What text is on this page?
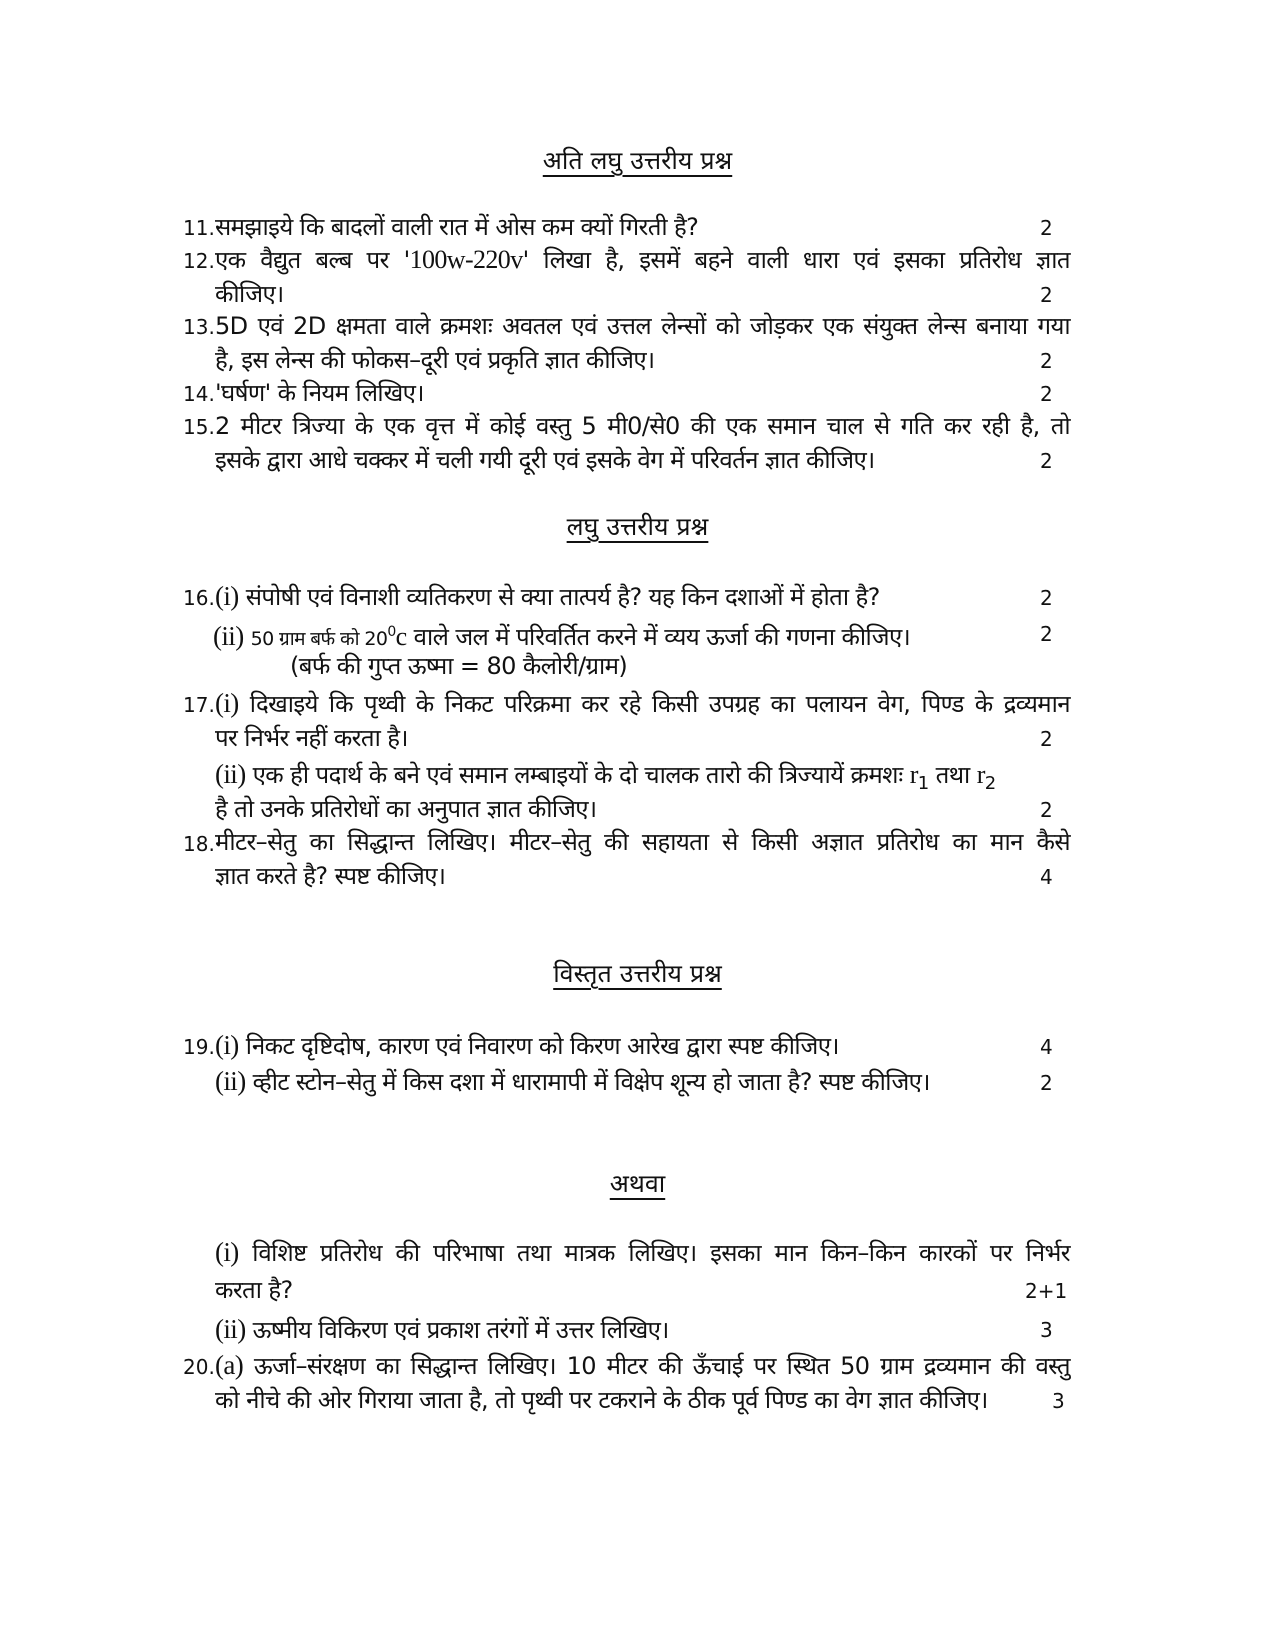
अति लघु उत्तरीय प्रश्न
11. समझाइये कि बादलों वाली रात में ओस कम क्यों गिरती है?	2
12. एक वैद्युत बल्ब पर '100w-220v' लिखा है, इसमें बहने वाली धारा एवं इसका प्रतिरोध ज्ञात
कीजिए।	2
13. 5D एवं 2D क्षमता वाले क्रमशः अवतल एवं उत्तल लेन्सों को जोड़कर एक संयुक्त लेन्स बनाया गया
है, इस लेन्स की फोकस–दूरी एवं प्रकृति ज्ञात कीजिए।	2
14. 'घर्षण' के नियम लिखिए।	2
15. 2 मीटर त्रिज्या के एक वृत्त में कोई वस्तु 5 मी0/से0 की एक समान चाल से गति कर रही है, तो
इसके द्वारा आधे चक्कर में चली गयी दूरी एवं इसके वेग में परिवर्तन ज्ञात कीजिए।	2
लघु उत्तरीय प्रश्न
16. (i) संपोषी एवं विनाशी व्यतिकरण से क्या तात्पर्य है? यह किन दशाओं में होता है?	2
(ii) 50 ग्राम बर्फ को $20^0c$ वाले जल में परिवर्तित करने में व्यय ऊर्जा की गणना कीजिए।	2
(बर्फ की गुप्त ऊष्मा = 80 कैलोरी/ग्राम)
17. (i) दिखाइये कि पृथ्वी के निकट परिक्रमा कर रहे किसी उपग्रह का पलायन वेग, पिण्ड के द्रव्यमान
पर निर्भर नहीं करता है।	2
(ii) एक ही पदार्थ के बने एवं समान लम्बाइयों के दो चालक तारो की त्रिज्यायें क्रमशः $r_1$ तथा $r_2$
है तो उनके प्रतिरोधों का अनुपात ज्ञात कीजिए।	2
18. मीटर–सेतु का सिद्धान्त लिखिए। मीटर–सेतु की सहायता से किसी अज्ञात प्रतिरोध का मान कैसे
ज्ञात करते है? स्पष्ट कीजिए।	4
विस्तृत उत्तरीय प्रश्न
19. (i) निकट दृष्टिदोष, कारण एवं निवारण को किरण आरेख द्वारा स्पष्ट कीजिए।	4
(ii) व्हीट स्टोन–सेतु में किस दशा में धारामापी में विक्षेप शून्य हो जाता है? स्पष्ट कीजिए।	2
अथवा
(i) विशिष्ट प्रतिरोध की परिभाषा तथा मात्रक लिखिए। इसका मान किन–किन कारकों पर निर्भर
करता है?	2+1
(ii) ऊष्मीय विकिरण एवं प्रकाश तरंगों में उत्तर लिखिए।	3
20. (a) ऊर्जा–संरक्षण का सिद्धान्त लिखिए। 10 मीटर की ऊँचाई पर स्थित 50 ग्राम द्रव्यमान की वस्तु
को नीचे की ओर गिराया जाता है, तो पृथ्वी पर टकराने के ठीक पूर्व पिण्ड का वेग ज्ञात कीजिए।	3
